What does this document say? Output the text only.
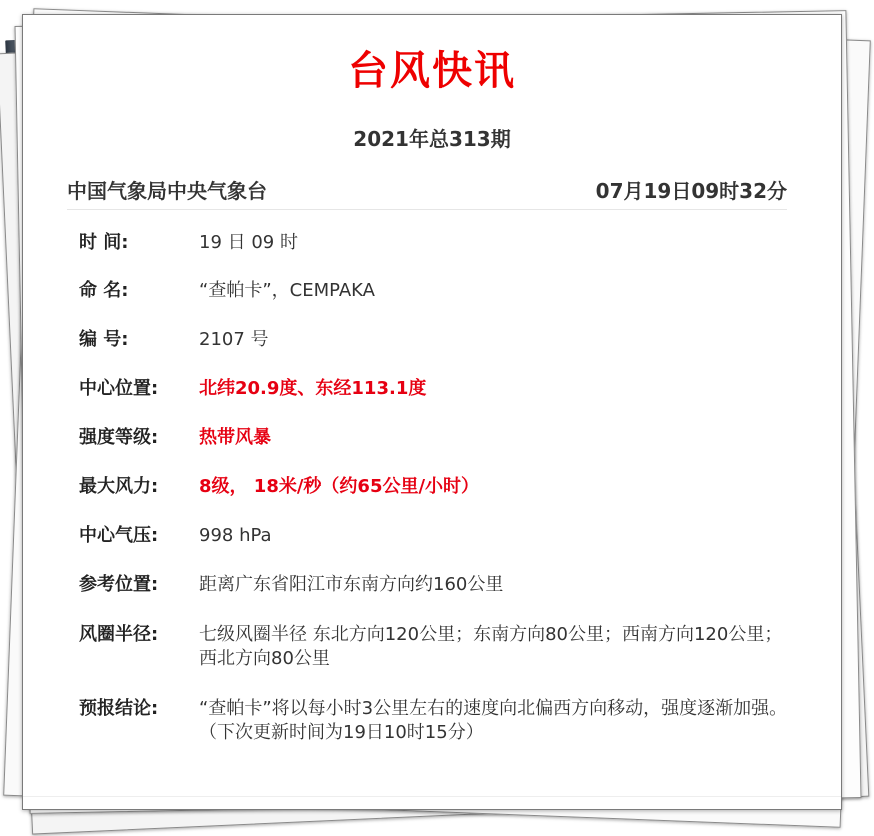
台风快讯
2021年总313期
中国气象局中央气象台	07月19日09时32分
时 间:	19 日 09 时
命 名:	“查帕卡”，CEMPAKA
编 号:	2107 号
中心位置:	北纬20.9度、东经113.1度
强度等级:	热带风暴
最大风力:	8级， 18米/秒（约65公里/小时）
中心气压:	998 hPa
参考位置:	距离广东省阳江市东南方向约160公里
风圈半径:	七级风圈半径 东北方向120公里；东南方向80公里；西南方向120公里；西北方向80公里
预报结论:	“查帕卡”将以每小时3公里左右的速度向北偏西方向移动，强度逐渐加强。
（下次更新时间为19日10时15分）
